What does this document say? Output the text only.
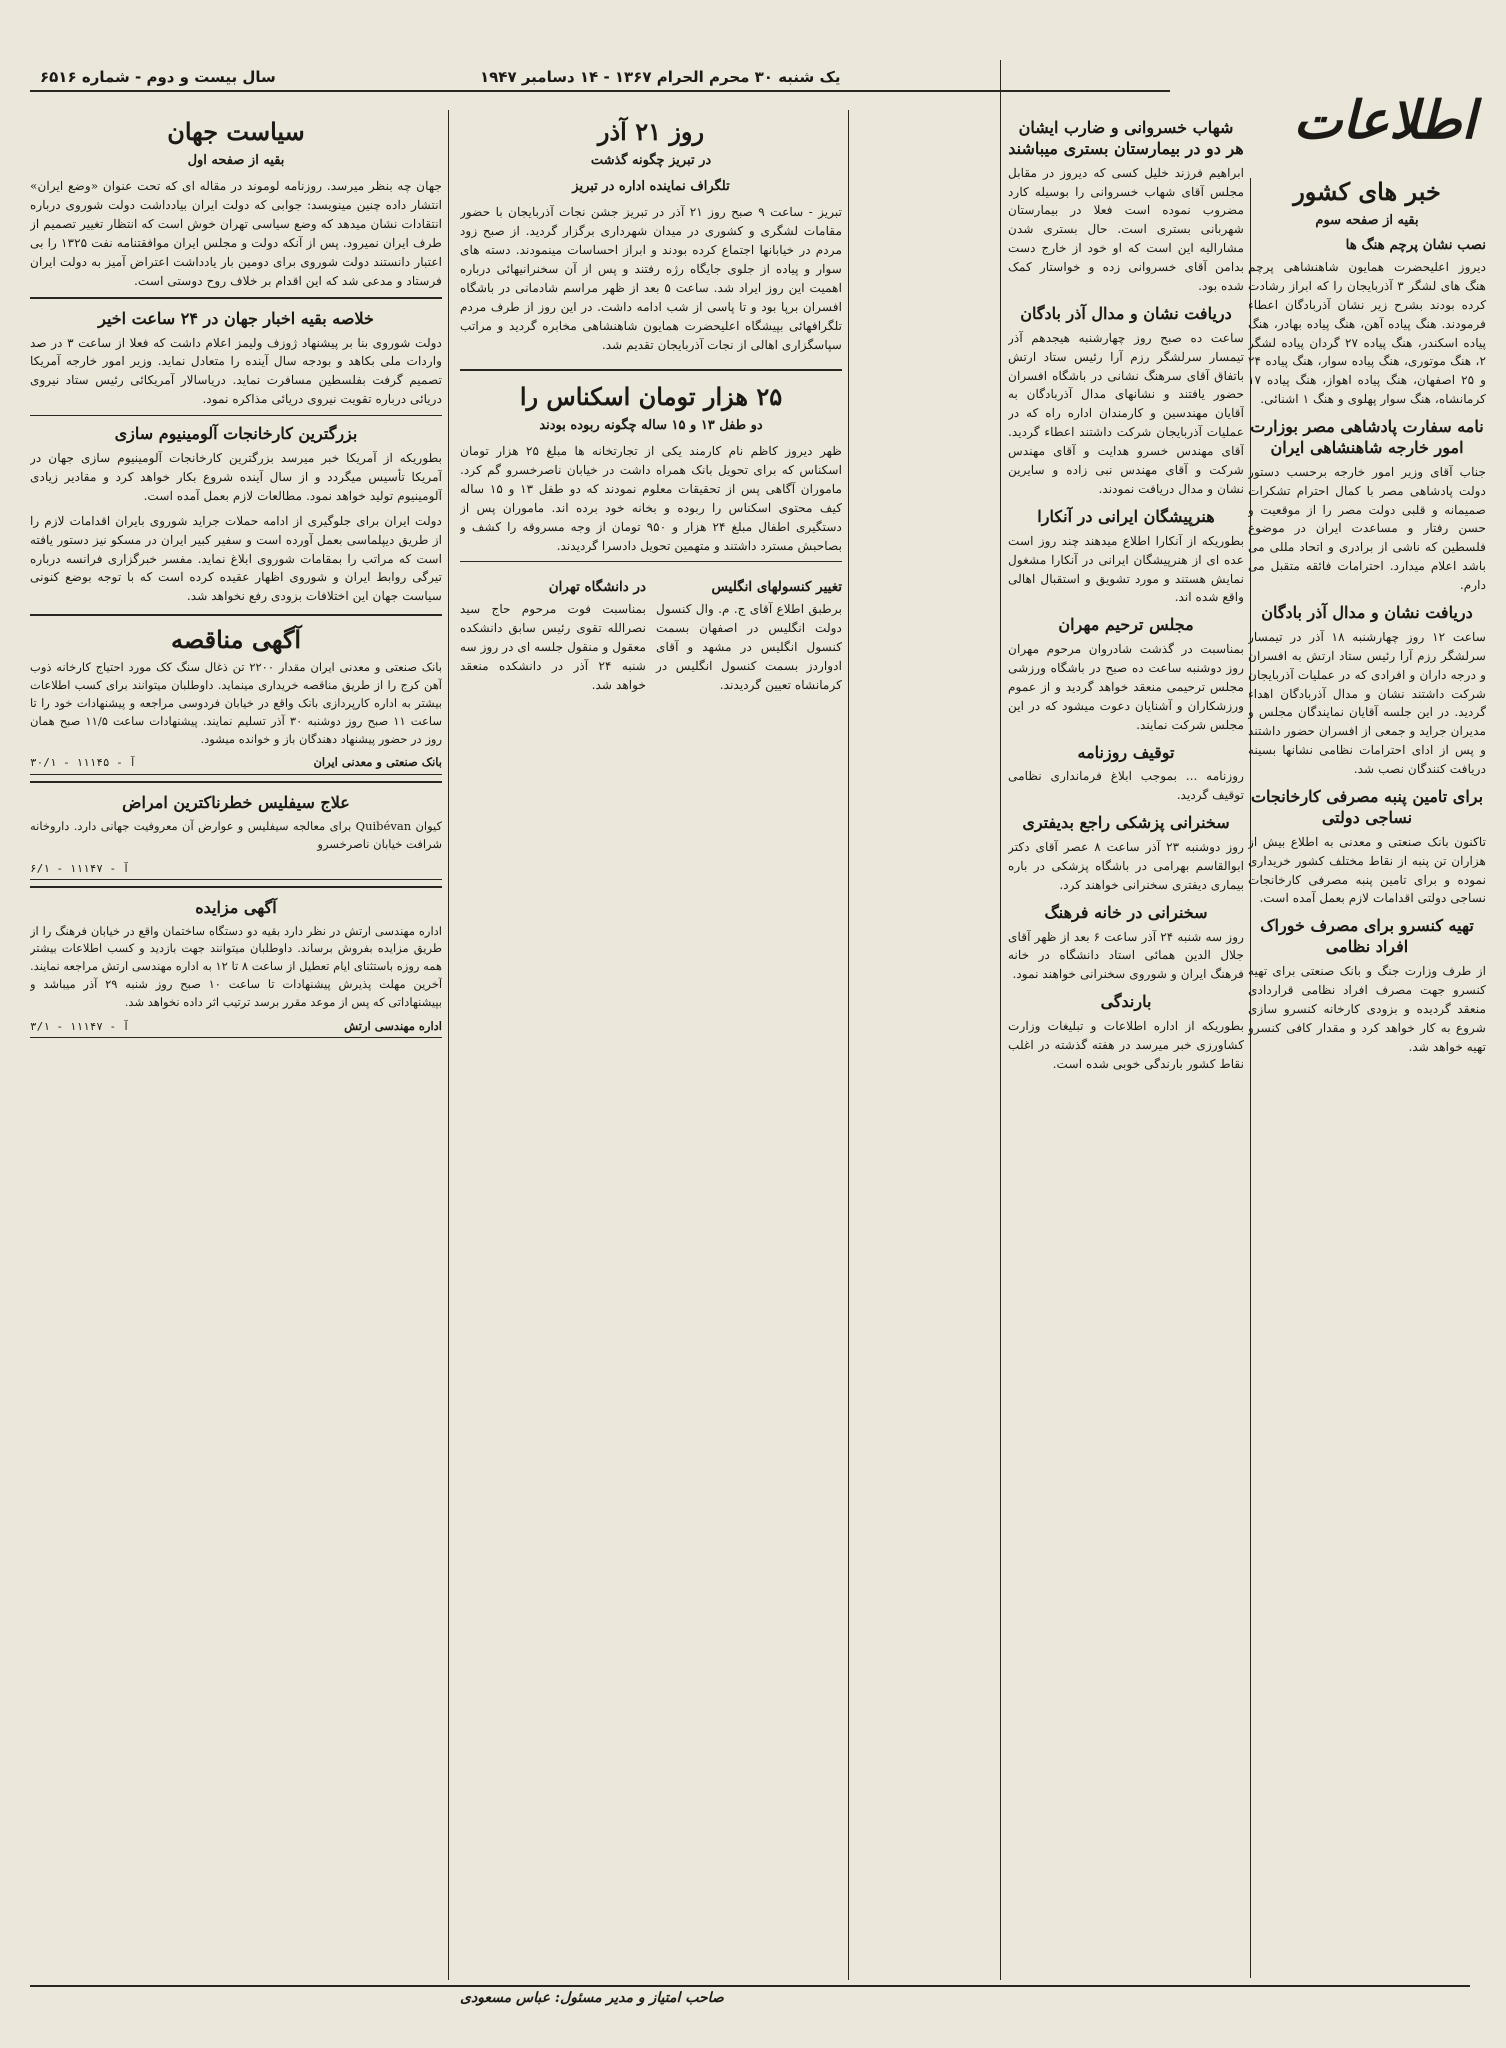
سال بیست و دوم - شماره ۶۵۱۶	یک شنبه ۳۰ محرم الحرام ۱۳۶۷ - ۱۴ دسامبر ۱۹۴۷
اطلاعات
خبر های کشور
بقیه از صفحه سوم
نصب نشان پرچم هنگ ها

دیروز اعلیحضرت همایون شاهنشاهی پرچم هنگ های لشگر ۳ آذربایجان را که ابراز رشادت کرده بودند بشرح زیر نشان آذربادگان اعطاء فرمودند. هنگ پیاده آهن، هنگ پیاده بهادر، هنگ پیاده اسکندر، هنگ پیاده ۲۷ گردان پیاده لشگر ۲، هنگ موتوری، هنگ پیاده سوار، هنگ پیاده ۲۴ و ۲۵ اصفهان، هنگ پیاده اهواز، هنگ پیاده ۱۷ کرمانشاه، هنگ سوار پهلوی و هنگ ۱ اشنائی.

نامه سفارت پادشاهی مصر بوزارت امور خارجه شاهنشاهی ایران

جناب آقای وزیر امور خارجه برحسب دستور دولت پادشاهی مصر با کمال احترام تشکرات صمیمانه و قلبی دولت مصر را از موقعیت و حسن رفتار و مساعدت ایران در موضوع فلسطین که ناشی از برادری و اتحاد مللی می باشد اعلام میدارد. احترامات فائقه متقبل می دارم.

دریافت نشان و مدال آذر بادگان

ساعت ۱۲ روز چهارشنبه ۱۸ آذر در تیمسار سرلشگر رزم آرا رئیس ستاد ارتش به افسران و درجه داران و افرادی که در عملیات آذربایجان شرکت داشتند نشان و مدال آذربادگان اهداء گردید. در این جلسه آقایان نمایندگان مجلس و مدیران جراید و جمعی از افسران حضور داشتند و پس از ادای احترامات نظامی نشانها بسینه دریافت کنندگان نصب شد.

برای تامین پنبه مصرفی کارخانجات نساجی دولتی

تاکنون بانک صنعتی و معدنی به اطلاع بیش از هزاران تن پنبه از نقاط مختلف کشور خریداری نموده و برای تامین پنبه مصرفی کارخانجات نساجی دولتی اقدامات لازم بعمل آمده است.

تهیه کنسرو برای مصرف خوراک افراد نظامی

از طرف وزارت جنگ و بانک صنعتی برای تهیه کنسرو جهت مصرف افراد نظامی قراردادی منعقد گردیده و بزودی کارخانه کنسرو سازی شروع به کار خواهد کرد و مقدار کافی کنسرو تهیه خواهد شد.

شهاب خسروانی و ضارب ایشان هر دو در بیمارستان بستری میباشند

ابراهیم فرزند خلیل کسی که دیروز در مقابل مجلس آقای شهاب خسروانی را بوسیله کارد مضروب نموده است فعلا در بیمارستان شهربانی بستری است. حال بستری شدن مشارالیه این است که او خود از خارج دست بدامن آقای خسروانی زده و خواستار کمک شده بود.

دریافت نشان و مدال آذر بادگان

ساعت ده صبح روز چهارشنبه هیجدهم آذر تیمسار سرلشگر رزم آرا رئیس ستاد ارتش باتفاق آقای سرهنگ نشانی در باشگاه افسران حضور یافتند و نشانهای مدال آذربادگان به آقایان مهندسین و کارمندان اداره راه که در عملیات آذربایجان شرکت داشتند اعطاء گردید. آقای مهندس خسرو هدایت و آقای مهندس شرکت و آقای مهندس نبی زاده و سایرین نشان و مدال دریافت نمودند.

هنرپیشگان ایرانی در آنکارا

بطوریکه از آنکارا اطلاع میدهند چند روز است عده ای از هنرپیشگان ایرانی در آنکارا مشغول نمایش هستند و مورد تشویق و استقبال اهالی واقع شده اند.

مجلس ترحیم مهران

بمناسبت در گذشت شادروان مرحوم مهران روز دوشنبه ساعت ده صبح در باشگاه ورزشی مجلس ترحیمی منعقد خواهد گردید و از عموم ورزشکاران و آشنایان دعوت میشود که در این مجلس شرکت نمایند.

توقیف روزنامه

روزنامه ... بموجب ابلاغ فرمانداری نظامی توقیف گردید.

سخنرانی پزشکی راجع بدیفتری

روز دوشنبه ۲۳ آذر ساعت ۸ عصر آقای دکتر ابوالقاسم بهرامی در باشگاه پزشکی در باره بیماری دیفتری سخنرانی خواهند کرد.

سخنرانی در خانه فرهنگ

روز سه شنبه ۲۴ آذر ساعت ۶ بعد از ظهر آقای جلال الدین همائی استاد دانشگاه در خانه فرهنگ ایران و شوروی سخنرانی خواهند نمود.

بارندگی

بطوریکه از اداره اطلاعات و تبلیغات وزارت کشاورزی خبر میرسد در هفته گذشته در اغلب نقاط کشور بارندگی خوبی شده است.

روز ۲۱ آذر
در تبریز چگونه گذشت
تلگراف نماینده اداره در تبریز

تبریز - ساعت ۹ صبح روز ۲۱ آذر در تبریز جشن نجات آذربایجان با حضور مقامات لشگری و کشوری در میدان شهرداری برگزار گردید. از صبح زود مردم در خیابانها اجتماع کرده بودند و ابراز احساسات مینمودند. دسته های سوار و پیاده از جلوی جایگاه رژه رفتند و پس از آن سخنرانیهائی درباره اهمیت این روز ایراد شد. ساعت ۵ بعد از ظهر مراسم شادمانی در باشگاه افسران برپا بود و تا پاسی از شب ادامه داشت. در این روز از طرف مردم تلگرافهائی بپیشگاه اعلیحضرت همایون شاهنشاهی مخابره گردید و مراتب سپاسگزاری اهالی از نجات آذربایجان تقدیم شد.

۲۵ هزار تومان اسکناس را
دو طفل ۱۳ و ۱۵ ساله چگونه ربوده بودند

ظهر دیروز کاظم نام کارمند یکی از تجارتخانه ها مبلغ ۲۵ هزار تومان اسکناس که برای تحویل بانک همراه داشت در خیابان ناصرخسرو گم کرد. ماموران آگاهی پس از تحقیقات معلوم نمودند که دو طفل ۱۳ و ۱۵ ساله کیف محتوی اسکناس را ربوده و بخانه خود برده اند. ماموران پس از دستگیری اطفال مبلغ ۲۴ هزار و ۹۵۰ تومان از وجه مسروقه را کشف و بصاحبش مسترد داشتند و متهمین تحویل دادسرا گردیدند.

تغییر کنسولهای انگلیس

برطبق اطلاع آقای ج. م. وال کنسول دولت انگلیس در اصفهان بسمت کنسول انگلیس در مشهد و آقای ادواردز بسمت کنسول انگلیس در کرمانشاه تعیین گردیدند.

در دانشگاه تهران

بمناسبت فوت مرحوم حاج سید نصرالله تقوی رئیس سابق دانشکده معقول و منقول جلسه ای در روز سه شنبه ۲۴ آذر در دانشکده منعقد خواهد شد.

سیاست جهان
بقیه از صفحه اول

جهان چه بنظر میرسد. روزنامه لوموند در مقاله ای که تحت عنوان «وضع ایران» انتشار داده چنین مینویسد: جوابی که دولت ایران بیادداشت دولت شوروی درباره انتقادات نشان میدهد که وضع سیاسی تهران خوش است که انتظار تغییر تصمیم از طرف ایران نمیرود. پس از آنکه دولت و مجلس ایران موافقتنامه نفت ۱۳۲۵ را بی اعتبار دانستند دولت شوروی برای دومین بار یادداشت اعتراض آمیز به دولت ایران فرستاد و مدعی شد که این اقدام بر خلاف روح دوستی است.

خلاصه بقیه اخبار جهان در ۲۴ ساعت اخیر

دولت شوروی بنا بر پیشنهاد ژوزف ولیمز اعلام داشت که فعلا از ساعت ۳ در صد واردات ملی بکاهد و بودجه سال آینده را متعادل نماید. وزیر امور خارجه آمریکا تصمیم گرفت بفلسطین مسافرت نماید. دریاسالار آمریکائی رئیس ستاد نیروی دریائی درباره تقویت نیروی دریائی مذاکره نمود.

بزرگترین کارخانجات آلومینیوم سازی

بطوریکه از آمریکا خبر میرسد بزرگترین کارخانجات آلومینیوم سازی جهان در آمریکا تأسیس میگردد و از سال آینده شروع بکار خواهد کرد و مقادیر زیادی آلومینیوم تولید خواهد نمود. مطالعات لازم بعمل آمده است.

دولت ایران برای جلوگیری از ادامه حملات جراید شوروی بایران اقدامات لازم را از طریق دیپلماسی بعمل آورده است و سفیر کبیر ایران در مسکو نیز دستور یافته است که مراتب را بمقامات شوروی ابلاغ نماید. مفسر خبرگزاری فرانسه درباره تیرگی روابط ایران و شوروی اظهار عقیده کرده است که با توجه بوضع کنونی سیاست جهان این اختلافات بزودی رفع نخواهد شد.

آگهی مناقصه

بانک صنعتی و معدنی ایران مقدار ۲۲۰۰ تن ذغال سنگ کک مورد احتیاج کارخانه ذوب آهن کرج را از طریق مناقصه خریداری مینماید. داوطلبان میتوانند برای کسب اطلاعات بیشتر به اداره کارپردازی بانک واقع در خیابان فردوسی مراجعه و پیشنهادات خود را تا ساعت ۱۱ صبح روز دوشنبه ۳۰ آذر تسلیم نمایند. پیشنهادات ساعت ۱۱/۵ صبح همان روز در حضور پیشنهاد دهندگان باز و خوانده میشود.

بانک صنعتی و معدنی ایران
آ - ۱۱۱۴۵ - ۳۰/۱
علاج سیفلیس خطرناکترین امراض

کیوان Quibévan برای معالجه سیفلیس و عوارض آن معروفیت جهانی دارد. داروخانه شرافت خیابان ناصرخسرو

آ - ۱۱۱۴۷ - ۶/۱
آگهی مزایده

اداره مهندسی ارتش در نظر دارد بقیه دو دستگاه ساختمان واقع در خیابان فرهنگ را از طریق مزایده بفروش برساند. داوطلبان میتوانند جهت بازدید و کسب اطلاعات بیشتر همه روزه باستثنای ایام تعطیل از ساعت ۸ تا ۱۲ به اداره مهندسی ارتش مراجعه نمایند. آخرین مهلت پذیرش پیشنهادات تا ساعت ۱۰ صبح روز شنبه ۲۹ آذر میباشد و بپیشنهاداتی که پس از موعد مقرر برسد ترتیب اثر داده نخواهد شد.

اداره مهندسی ارتش
آ - ۱۱۱۴۷ - ۳/۱
صاحب امتیاز و مدیر مسئول: عباس مسعودی
